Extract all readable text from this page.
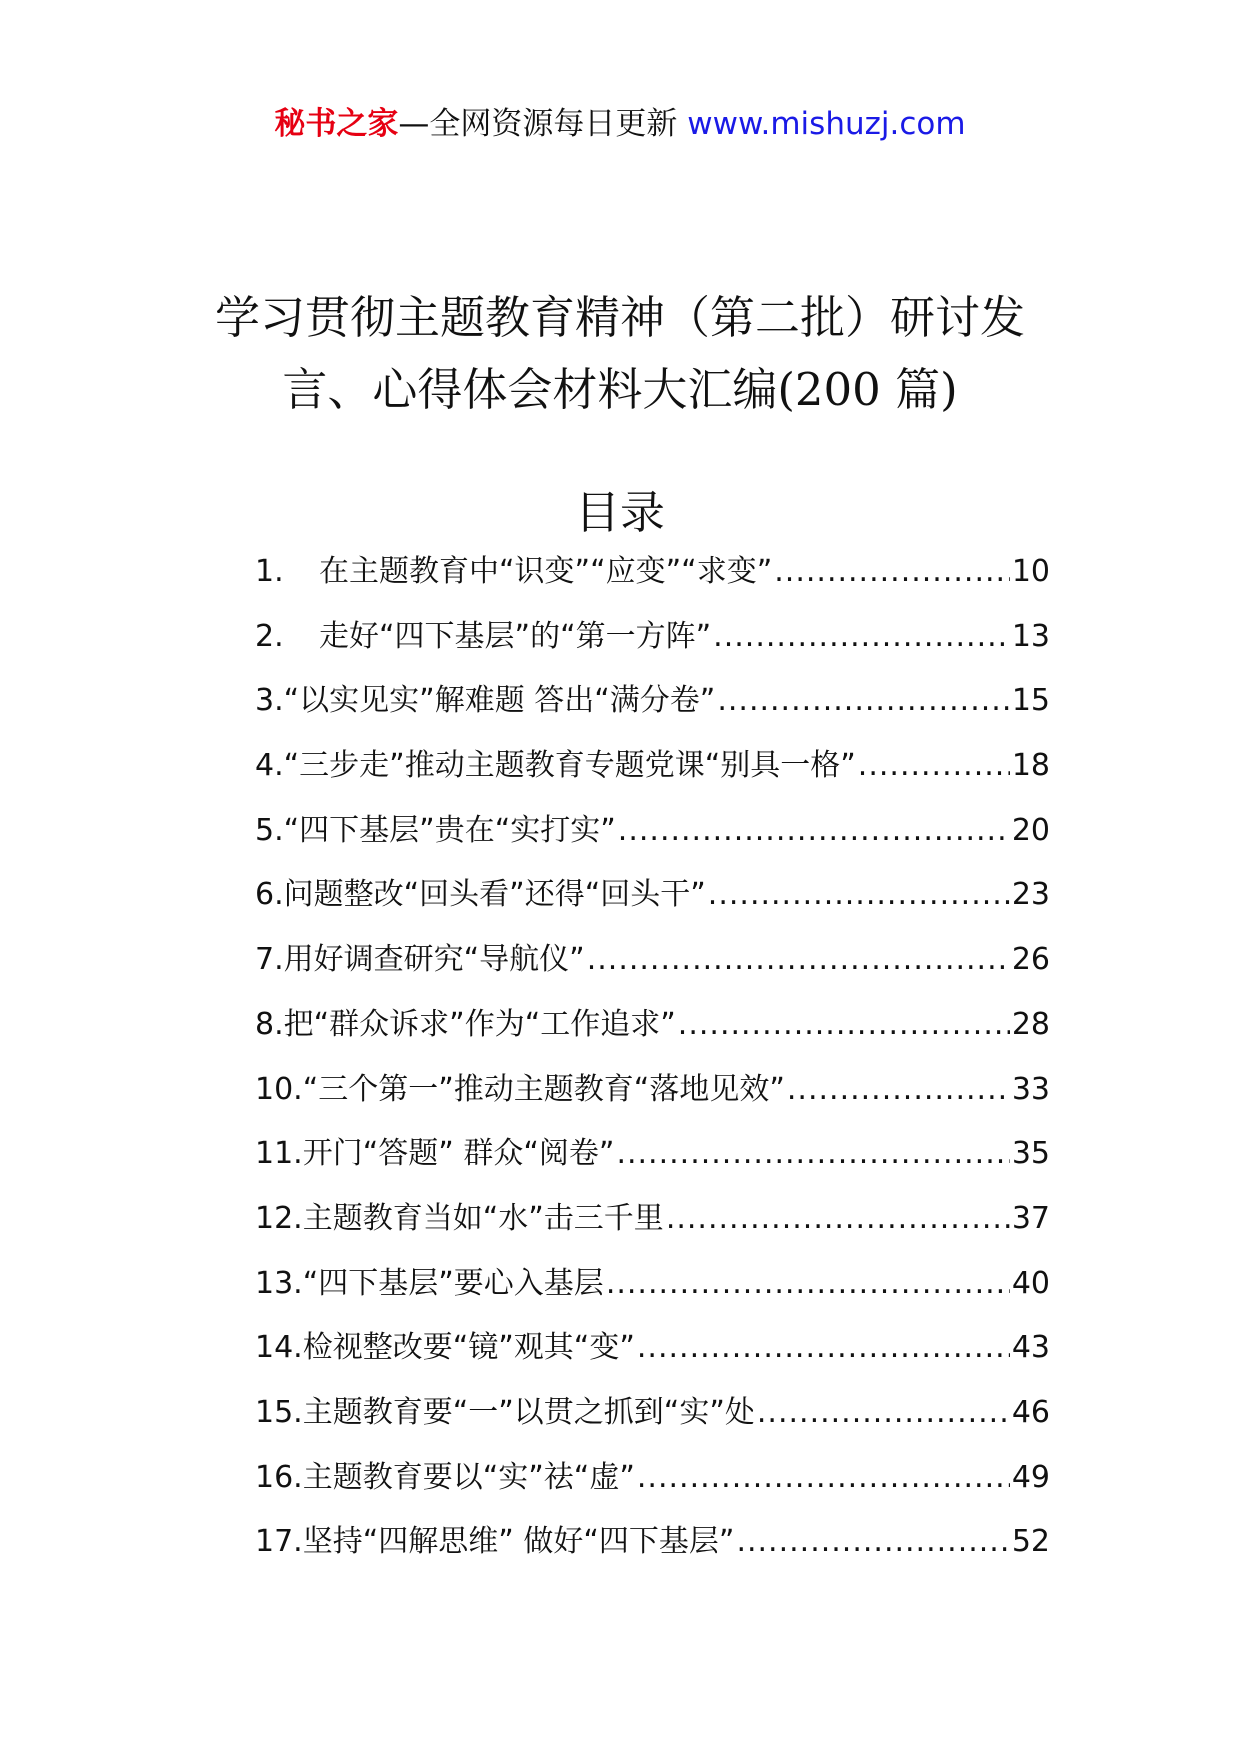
秘书之家—全网资源每日更新 www.mishuzj.com
学习贯彻主题教育精神（第二批）研讨发
言、心得体会材料大汇编(200 篇)
目录
1.	在主题教育中“识变”“应变”“求变” .....	10
2.	走好“四下基层”的“第一方阵” .....	13
3. “以实见实”解难题 答出“满分卷” .....	15
4. “三步走”推动主题教育专题党课“别具一格” .....	18
5. “四下基层”贵在“实打实” .....	20
6. 问题整改“回头看”还得“回头干” .....	23
7. 用好调查研究“导航仪” .....	26
8. 把“群众诉求”作为“工作追求” .....	28
10. “三个第一”推动主题教育“落地见效” .....	33
11. 开门“答题” 群众“阅卷” .....	35
12. 主题教育当如“水”击三千里 .....	37
13. “四下基层”要心入基层 .....	40
14. 检视整改要“镜”观其“变” .....	43
15. 主题教育要“一”以贯之抓到“实”处 .....	46
16. 主题教育要以“实”祛“虚” .....	49
17. 坚持“四解思维” 做好“四下基层” .....	52
